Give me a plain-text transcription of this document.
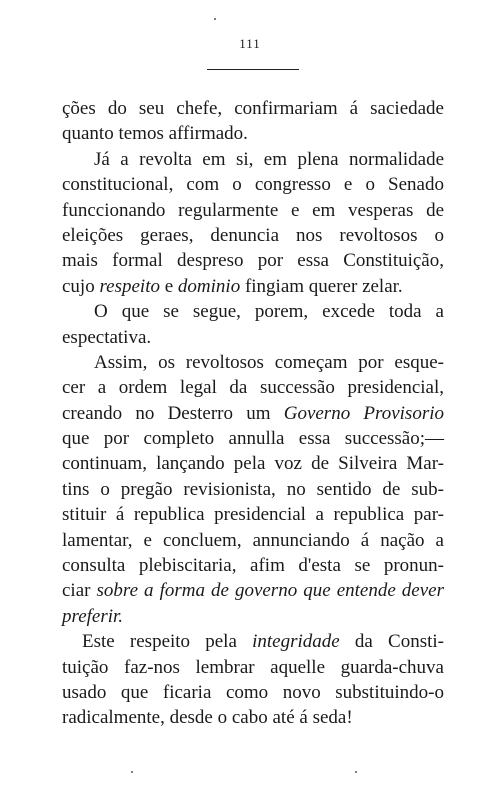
111
ções do seu chefe, confirmariam á saciedade
quanto temos affirmado.
Já a revolta em si, em plena normalidade
constitucional, com o congresso e o Senado
funccionando regularmente e em vesperas de
eleições geraes, denuncia nos revoltosos o
mais formal despreso por essa Constituição,
cujo respeito e dominio fingiam querer zelar.
O que se segue, porem, excede toda a
espectativa.
Assim, os revoltosos começam por esque-
cer a ordem legal da successão presidencial,
creando no Desterro um Governo Provisorio
que por completo annulla essa successão;—
continuam, lançando pela voz de Silveira Mar-
tins o pregão revisionista, no sentido de sub-
stituir á republica presidencial a republica par-
lamentar, e concluem, annunciando á nação a
consulta plebiscitaria, afim d'esta se pronun-
ciar sobre a forma de governo que entende dever
preferir.
Este respeito pela integridade da Consti-
tuição faz-nos lembrar aquelle guarda-chuva
usado que ficaria como novo substituindo-o
radicalmente, desde o cabo até á seda!
